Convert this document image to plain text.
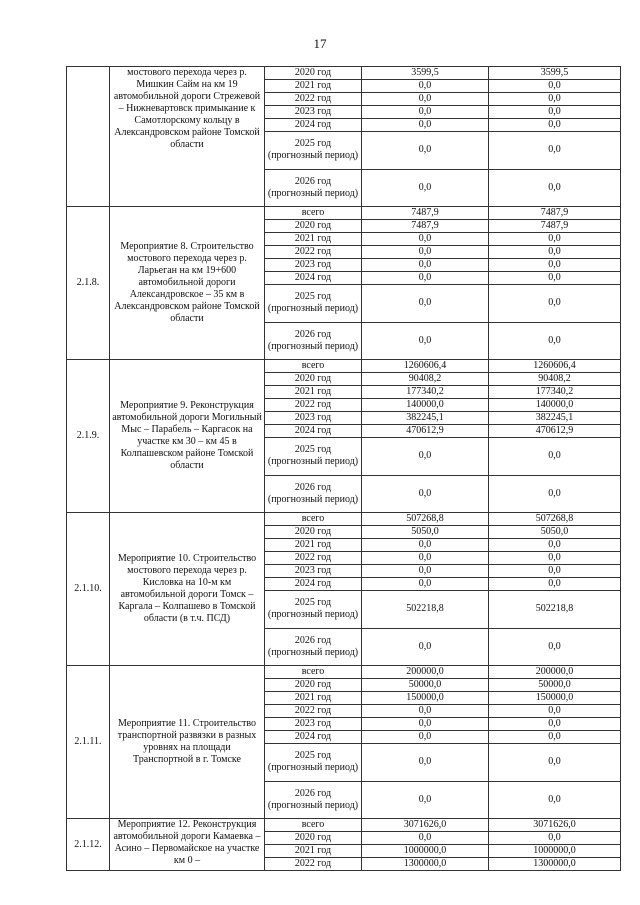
17
	мостового перехода через р. Мишкин Сайм на км 19 автомобильной дороги Стрежевой – Нижневартовск примыкание к Самотлорскому кольцу в Александровском районе Томской области	2020 год	3599,5	3599,5
		2021 год	0,0	0,0
		2022 год	0,0	0,0
		2023 год	0,0	0,0
		2024 год	0,0	0,0
		2025 год (прогнозный период)	0,0	0,0
		2026 год (прогнозный период)	0,0	0,0
2.1.8.	Мероприятие 8. Строительство мостового перехода через р. Ларьеган на км 19+600 автомобильной дороги Александровское – 35 км в Александровском районе Томской области	всего	7487,9	7487,9
		2020 год	7487,9	7487,9
		2021 год	0,0	0,0
		2022 год	0,0	0,0
		2023 год	0,0	0,0
		2024 год	0,0	0,0
		2025 год (прогнозный период)	0,0	0,0
		2026 год (прогнозный период)	0,0	0,0
2.1.9.	Мероприятие 9. Реконструкция автомобильной дороги Могильный Мыс – Парабель – Каргасок на участке км 30 – км 45 в Колпашевском районе Томской области	всего	1260606,4	1260606,4
		2020 год	90408,2	90408,2
		2021 год	177340,2	177340,2
		2022 год	140000,0	140000,0
		2023 год	382245,1	382245,1
		2024 год	470612,9	470612,9
		2025 год (прогнозный период)	0,0	0,0
		2026 год (прогнозный период)	0,0	0,0
2.1.10.	Мероприятие 10. Строительство мостового перехода через р. Кисловка на 10-м км автомобильной дороги Томск – Каргала – Колпашево в Томской области (в т.ч. ПСД)	всего	507268,8	507268,8
		2020 год	5050,0	5050,0
		2021 год	0,0	0,0
		2022 год	0,0	0,0
		2023 год	0,0	0,0
		2024 год	0,0	0,0
		2025 год (прогнозный период)	502218,8	502218,8
		2026 год (прогнозный период)	0,0	0,0
2.1.11.	Мероприятие 11. Строительство транспортной развязки в разных уровнях на площади Транспортной в г. Томске	всего	200000,0	200000,0
		2020 год	50000,0	50000,0
		2021 год	150000,0	150000,0
		2022 год	0,0	0,0
		2023 год	0,0	0,0
		2024 год	0,0	0,0
		2025 год (прогнозный период)	0,0	0,0
		2026 год (прогнозный период)	0,0	0,0
2.1.12.	Мероприятие 12. Реконструкция автомобильной дороги Камаевка – Асино – Первомайское на участке км 0 –	всего	3071626,0	3071626,0
		2020 год	0,0	0,0
		2021 год	1000000,0	1000000,0
		2022 год	1300000,0	1300000,0
